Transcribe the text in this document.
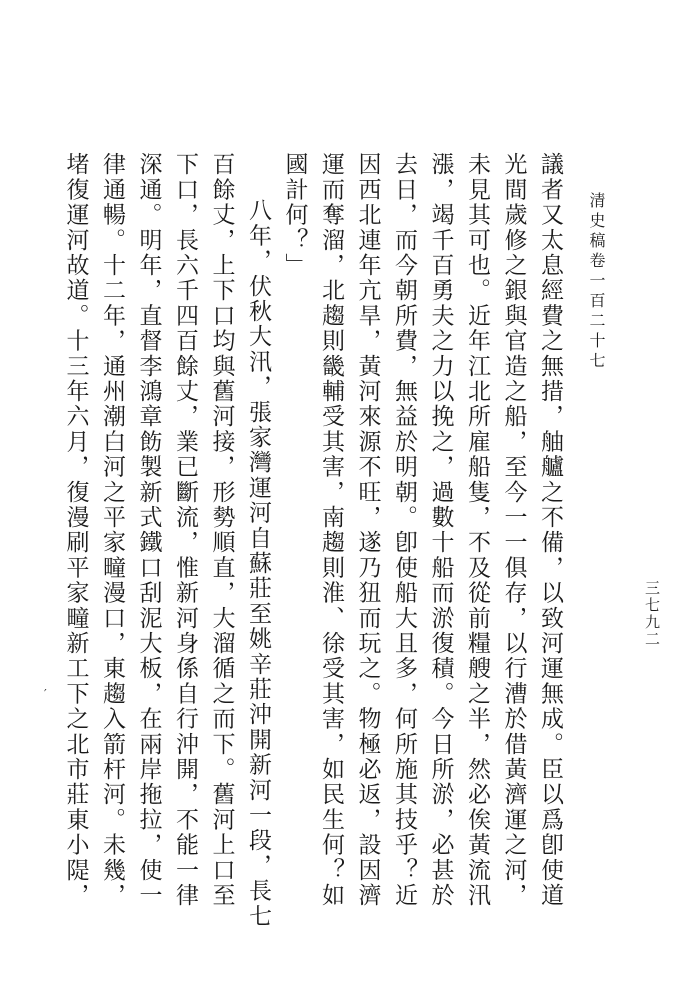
清史稿卷一百二十七
三七九二

議者又太息經費之無措，舳艫之不備，以致河運無成。臣以爲卽使道光間歲修之銀與官造之船，至今一一俱存，以行漕於借黃濟運之河，未見其可也。近年江北所雇船隻，不及從前糧艘之半，然必俟黃流汛漲，竭千百勇夫之力以挽之，過數十船而淤復積。今日所淤，必甚於去日，而今朝所費，無益於明朝。卽使船大且多，何所施其技乎？近因西北連年亢旱，黃河來源不旺，遂乃狃而玩之。物極必返，設因濟運而奪溜，北趨則畿輔受其害，南趨則淮、徐受其害，如民生何？如國計何？」

八年，伏秋大汛，張家灣運河自蘇莊至姚辛莊沖開新河一段，長七百餘丈，上下口均與舊河接，形勢順直，大溜循之而下。舊河上口至下口，長六千四百餘丈，業已斷流，惟新河身係自行沖開，不能一律深通。明年，直督李鴻章飭製新式鐵口刮泥大板，在兩岸拖拉，使一律通暢。十二年，通州潮白河之平家疃漫口，東趨入箭杆河。未幾，堵復運河故道。十三年六月，復漫刷平家疃新工下之北市莊東小隄，

′
